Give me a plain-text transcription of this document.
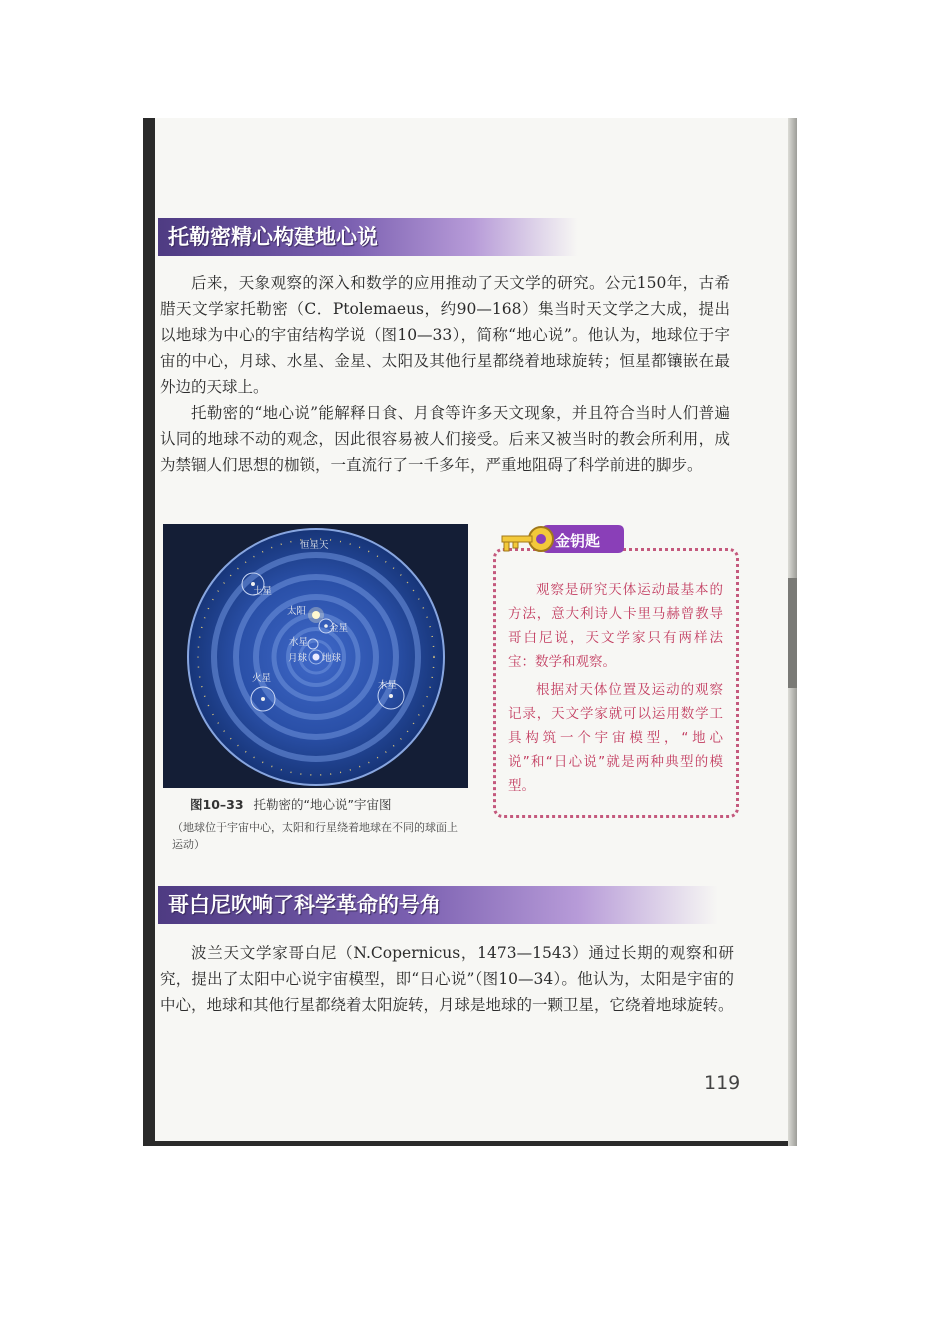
托勒密精心构建地心说

后来，天象观察的深入和数学的应用推动了天文学的研究。公元150年，古希腊天文学家托勒密（C．Ptolemaeus，约90—168）集当时天文学之大成，提出以地球为中心的宇宙结构学说（图10—33），简称“地心说”。他认为，地球位于宇宙的中心，月球、水星、金星、太阳及其他行星都绕着地球旋转；恒星都镶嵌在最外边的天球上。

托勒密的“地心说”能解释日食、月食等许多天文现象，并且符合当时人们普遍认同的地球不动的观念，因此很容易被人们接受。后来又被当时的教会所利用，成为禁锢人们思想的枷锁，一直流行了一千多年，严重地阻碍了科学前进的脚步。

恒星天
土星
太阳
金星
水星
月球 地球
火星
木星
图10–33 托勒密的“地心说”宇宙图
（地球位于宇宙中心，太阳和行星绕着地球在不同的球面上运动）
金钥匙

观察是研究天体运动最基本的方法，意大利诗人卡里马赫曾教导哥白尼说，天文学家只有两样法宝：数学和观察。

根据对天体位置及运动的观察记录，天文学家就可以运用数学工具构筑一个宇宙模型，“地心说”和“日心说”就是两种典型的模型。

哥白尼吹响了科学革命的号角

波兰天文学家哥白尼（N.Copernicus，1473—1543）通过长期的观察和研究，提出了太阳中心说宇宙模型，即“日心说”（图10—34）。他认为，太阳是宇宙的中心，地球和其他行星都绕着太阳旋转，月球是地球的一颗卫星，它绕着地球旋转。

119
